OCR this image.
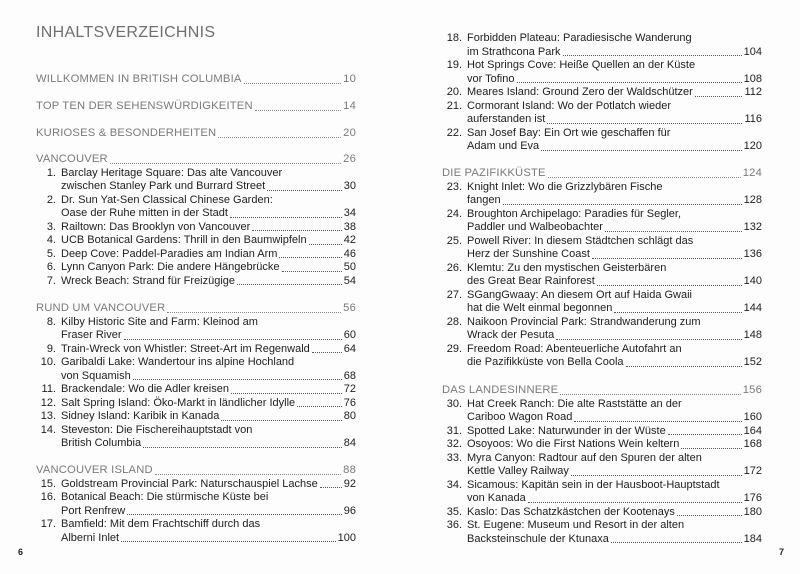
INHALTSVERZEICHNIS
WILLKOMMEN IN BRITISH COLUMBIA	10
TOP TEN DER SEHENSWÜRDIGKEITEN	14
KURIOSES & BESONDERHEITEN	20
VANCOUVER	26
1. Barclay Heritage Square: Das alte Vancouver
zwischen Stanley Park und Burrard Street	30
2. Dr. Sun Yat-Sen Classical Chinese Garden:
Oase der Ruhe mitten in der Stadt	34
3. Railtown: Das Brooklyn von Vancouver	38
4. UCB Botanical Gardens: Thrill in den Baumwipfeln	42
5. Deep Cove: Paddel-Paradies am Indian Arm	46
6. Lynn Canyon Park: Die andere Hängebrücke	50
7. Wreck Beach: Strand für Freizügige	54
RUND UM VANCOUVER	56
8. Kilby Historic Site and Farm: Kleinod am
Fraser River	60
9. Train-Wreck von Whistler: Street-Art im Regenwald	64
10. Garibaldi Lake: Wandertour ins alpine Hochland
von Squamish	68
11. Brackendale: Wo die Adler kreisen	72
12. Salt Spring Island: Öko-Markt in ländlicher Idylle	76
13. Sidney Island: Karibik in Kanada	80
14. Steveston: Die Fischereihauptstadt von
British Columbia	84
VANCOUVER ISLAND	88
15. Goldstream Provincial Park: Naturschauspiel Lachse 92
16. Botanical Beach: Die stürmische Küste bei
Port Renfrew	96
17. Bamfield: Mit dem Frachtschiff durch das
Alberni Inlet	100
18. Forbidden Plateau: Paradiesische Wanderung
im Strathcona Park	104
19. Hot Springs Cove: Heiße Quellen an der Küste
vor Tofino	108
20. Meares Island: Ground Zero der Waldschützer	112
21. Cormorant Island: Wo der Potlatch wieder
auferstanden ist	116
22. San Josef Bay: Ein Ort wie geschaffen für
Adam und Eva	120
DIE PAZIFIKKÜSTE	124
23. Knight Inlet: Wo die Grizzlybären Fische
fangen	128
24. Broughton Archipelago: Paradies für Segler,
Paddler und Walbeobachter	132
25. Powell River: In diesem Städtchen schlägt das
Herz der Sunshine Coast	136
26. Klemtu: Zu den mystischen Geisterbären
des Great Bear Rainforest	140
27. SGangGwaay: An diesem Ort auf Haida Gwaii
hat die Welt einmal begonnen	144
28. Naikoon Provincial Park: Strandwanderung zum
Wrack der Pesuta	148
29. Freedom Road: Abenteuerliche Autofahrt an
die Pazifikküste von Bella Coola	152
DAS LANDESINNERE	156
30. Hat Creek Ranch: Die alte Raststätte an der
Cariboo Wagon Road	160
31. Spotted Lake: Naturwunder in der Wüste	164
32. Osoyoos: Wo die First Nations Wein keltern	168
33. Myra Canyon: Radtour auf den Spuren der alten
Kettle Valley Railway	172
34. Sicamous: Kapitän sein in der Hausboot-Hauptstadt
von Kanada	176
35. Kaslo: Das Schatzkästchen der Kootenays	180
36. St. Eugene: Museum und Resort in der alten
Backsteinschule der Ktunaxa	184
6	7
